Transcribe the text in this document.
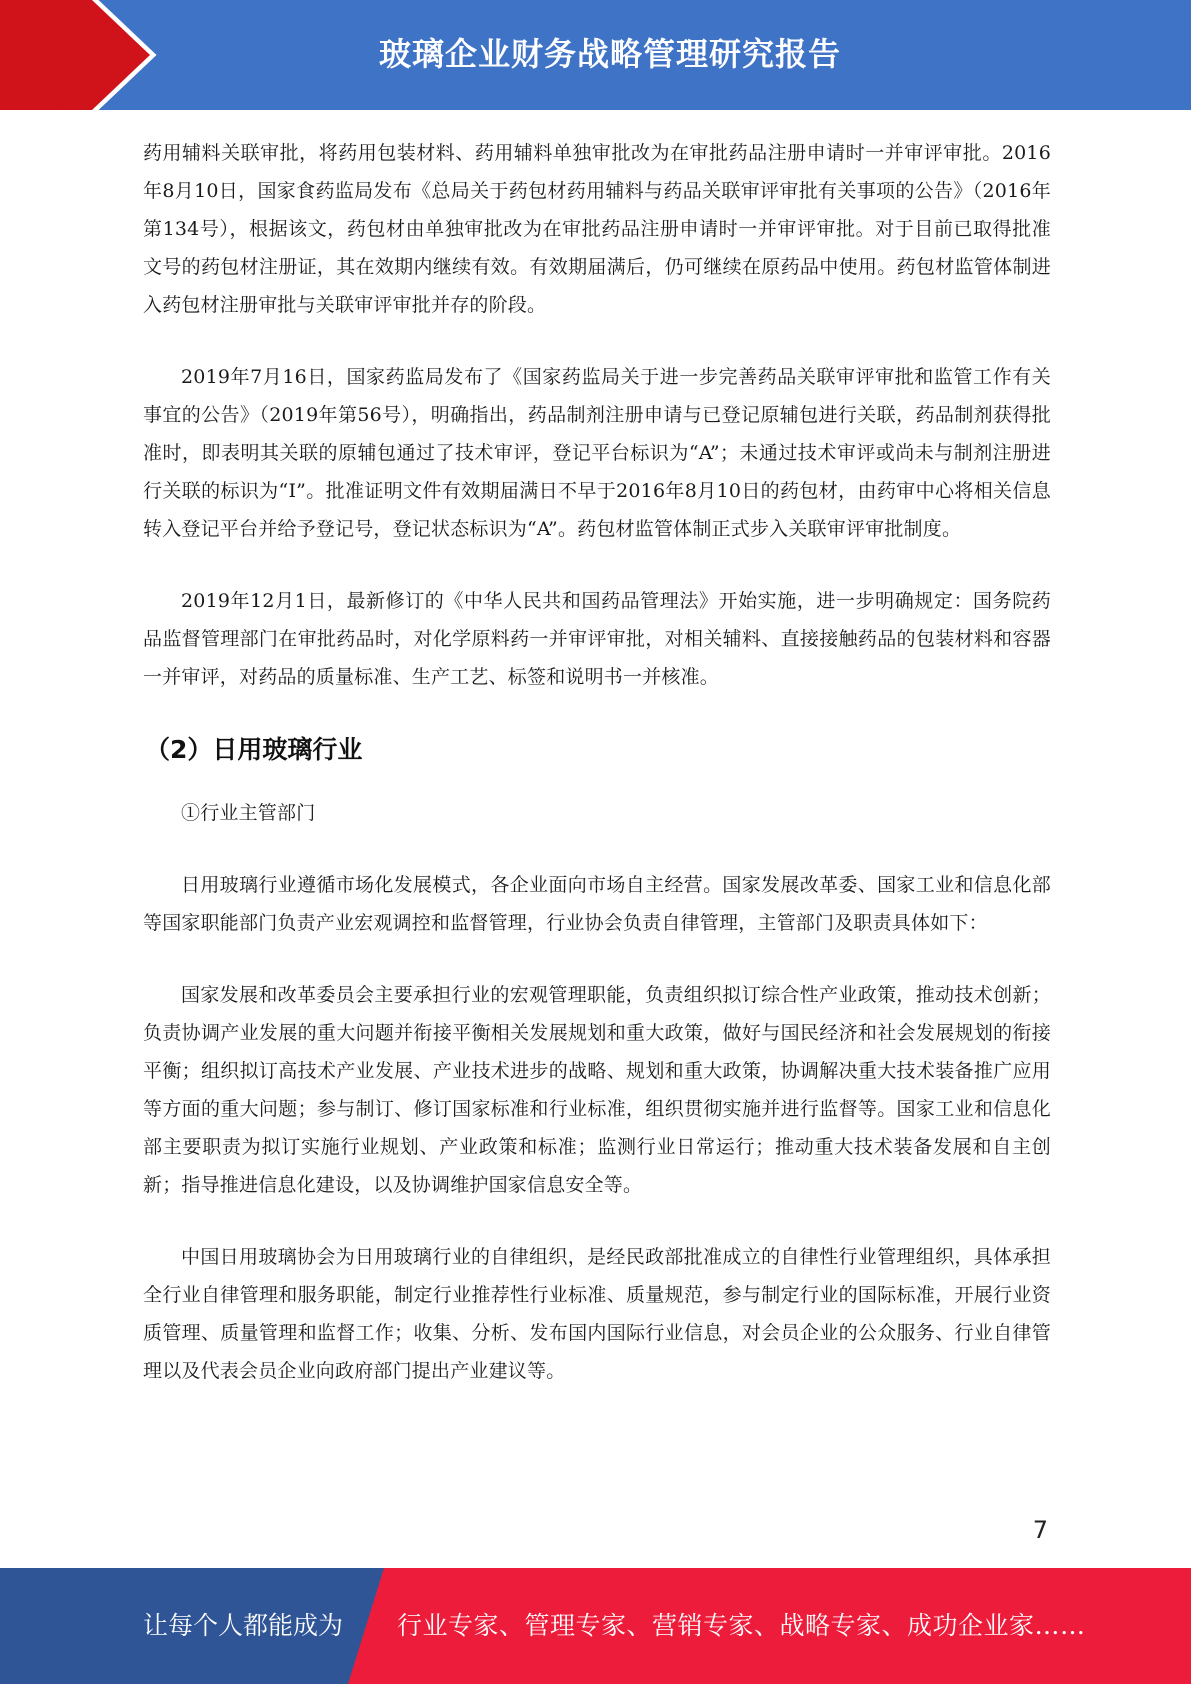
玻璃企业财务战略管理研究报告

药用辅料关联审批，将药用包装材料、药用辅料单独审批改为在审批药品注册申请时一并审评审批。2016年8月10日，国家食药监局发布《总局关于药包材药用辅料与药品关联审评审批有关事项的公告》（2016年第134号），根据该文，药包材由单独审批改为在审批药品注册申请时一并审评审批。对于目前已取得批准文号的药包材注册证，其在效期内继续有效。有效期届满后，仍可继续在原药品中使用。药包材监管体制进入药包材注册审批与关联审评审批并存的阶段。

2019年7月16日，国家药监局发布了《国家药监局关于进一步完善药品关联审评审批和监管工作有关事宜的公告》（2019年第56号），明确指出，药品制剂注册申请与已登记原辅包进行关联，药品制剂获得批准时，即表明其关联的原辅包通过了技术审评，登记平台标识为“A”；未通过技术审评或尚未与制剂注册进行关联的标识为“I”。批准证明文件有效期届满日不早于2016年8月10日的药包材，由药审中心将相关信息转入登记平台并给予登记号，登记状态标识为“A”。药包材监管体制正式步入关联审评审批制度。

2019年12月1日，最新修订的《中华人民共和国药品管理法》开始实施，进一步明确规定：国务院药品监督管理部门在审批药品时，对化学原料药一并审评审批，对相关辅料、直接接触药品的包装材料和容器一并审评，对药品的质量标准、生产工艺、标签和说明书一并核准。

（2）日用玻璃行业

①行业主管部门

日用玻璃行业遵循市场化发展模式，各企业面向市场自主经营。国家发展改革委、国家工业和信息化部等国家职能部门负责产业宏观调控和监督管理，行业协会负责自律管理，主管部门及职责具体如下：

国家发展和改革委员会主要承担行业的宏观管理职能，负责组织拟订综合性产业政策，推动技术创新；负责协调产业发展的重大问题并衔接平衡相关发展规划和重大政策，做好与国民经济和社会发展规划的衔接平衡；组织拟订高技术产业发展、产业技术进步的战略、规划和重大政策，协调解决重大技术装备推广应用等方面的重大问题；参与制订、修订国家标准和行业标准，组织贯彻实施并进行监督等。国家工业和信息化部主要职责为拟订实施行业规划、产业政策和标准；监测行业日常运行；推动重大技术装备发展和自主创新；指导推进信息化建设，以及协调维护国家信息安全等。

中国日用玻璃协会为日用玻璃行业的自律组织，是经民政部批准成立的自律性行业管理组织，具体承担全行业自律管理和服务职能，制定行业推荐性行业标准、质量规范，参与制定行业的国际标准，开展行业资质管理、质量管理和监督工作；收集、分析、发布国内国际行业信息，对会员企业的公众服务、行业自律管理以及代表会员企业向政府部门提出产业建议等。

7
让每个人都能成为 行业专家、管理专家、营销专家、战略专家、成功企业家……
